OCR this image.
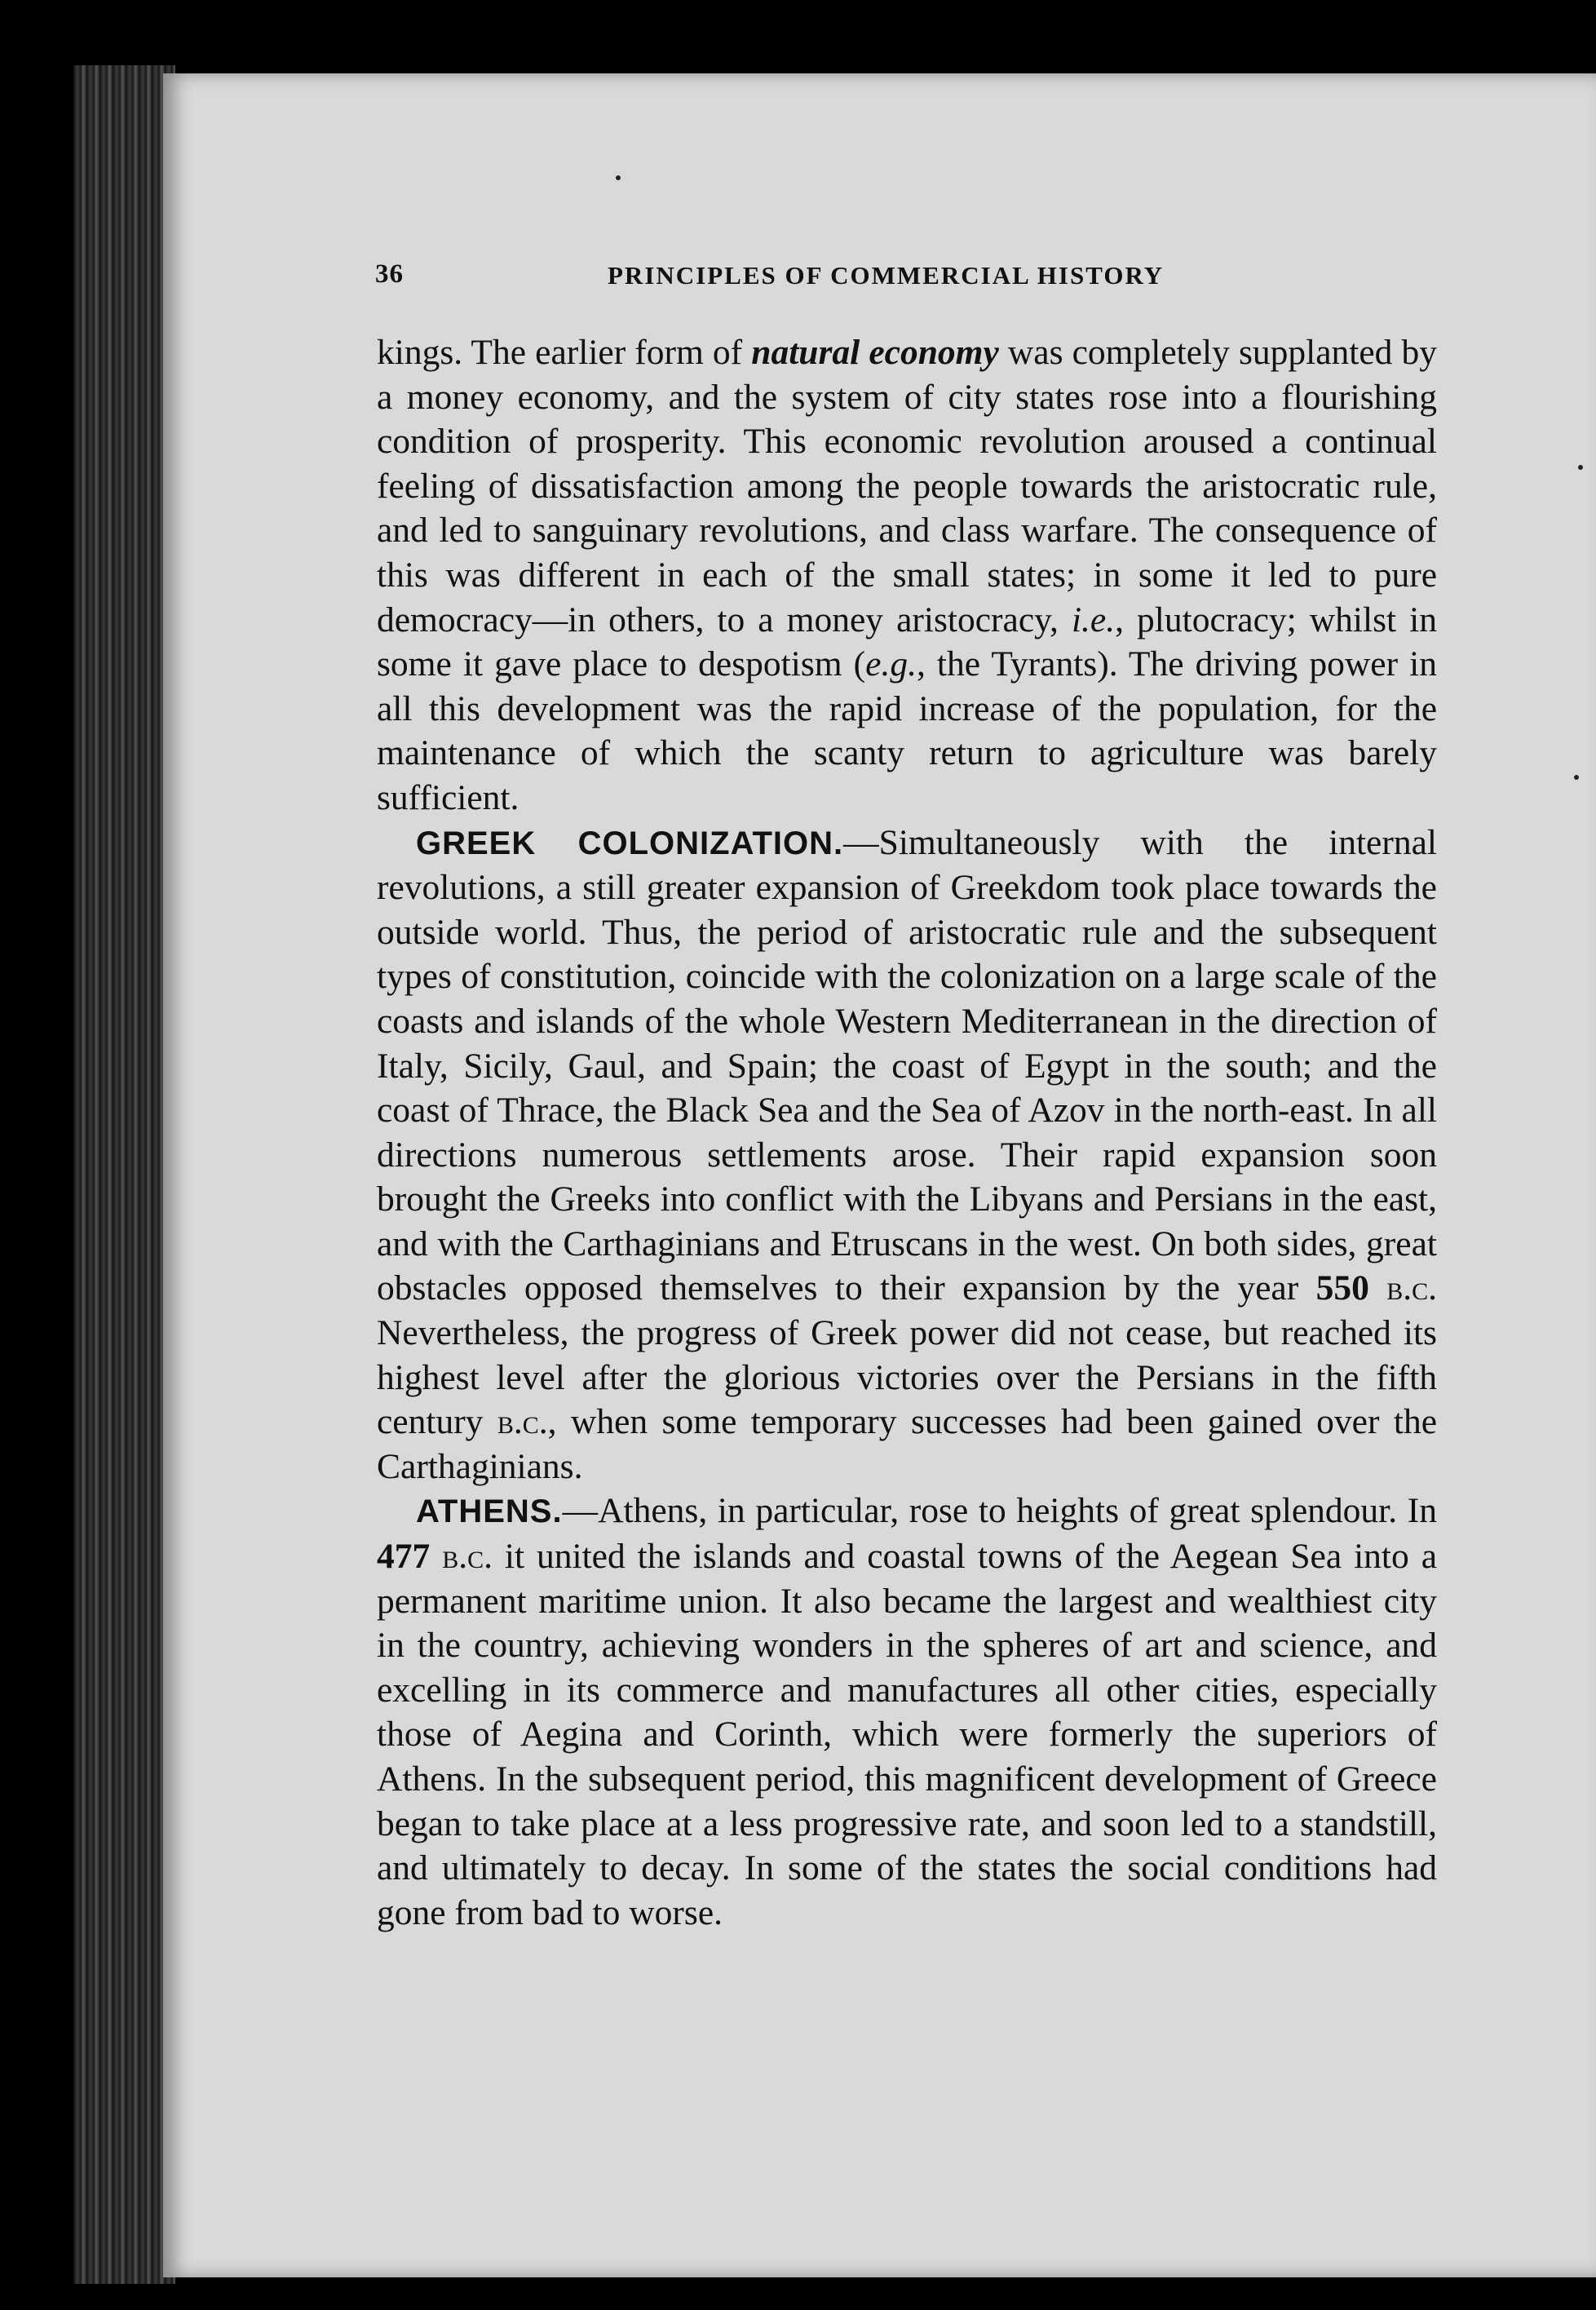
36	PRINCIPLES OF COMMERCIAL HISTORY

kings. The earlier form of natural economy was completely supplanted by a money economy, and the system of city states rose into a flourishing condition of prosperity. This economic revolution aroused a continual feeling of dissatisfaction among the people towards the aristocratic rule, and led to sanguinary revolutions, and class warfare. The consequence of this was different in each of the small states; in some it led to pure democracy—in others, to a money aristocracy, i.e., plutocracy; whilst in some it gave place to despotism (e.g., the Tyrants). The driving power in all this development was the rapid increase of the population, for the maintenance of which the scanty return to agriculture was barely sufficient.

GREEK COLONIZATION.—Simultaneously with the internal revolutions, a still greater expansion of Greekdom took place towards the outside world. Thus, the period of aristocratic rule and the subsequent types of constitution, coincide with the colonization on a large scale of the coasts and islands of the whole Western Mediterranean in the direction of Italy, Sicily, Gaul, and Spain; the coast of Egypt in the south; and the coast of Thrace, the Black Sea and the Sea of Azov in the north-east. In all directions numerous settlements arose. Their rapid expansion soon brought the Greeks into conflict with the Libyans and Persians in the east, and with the Carthaginians and Etruscans in the west. On both sides, great obstacles opposed themselves to their expansion by the year 550 b.c. Nevertheless, the progress of Greek power did not cease, but reached its highest level after the glorious victories over the Persians in the fifth century b.c., when some temporary successes had been gained over the Carthaginians.

ATHENS.—Athens, in particular, rose to heights of great splendour. In 477 b.c. it united the islands and coastal towns of the Aegean Sea into a permanent maritime union. It also became the largest and wealthiest city in the country, achieving wonders in the spheres of art and science, and excelling in its commerce and manufactures all other cities, especially those of Aegina and Corinth, which were formerly the superiors of Athens. In the subsequent period, this magnificent development of Greece began to take place at a less progressive rate, and soon led to a standstill, and ultimately to decay. In some of the states the social conditions had gone from bad to worse.
